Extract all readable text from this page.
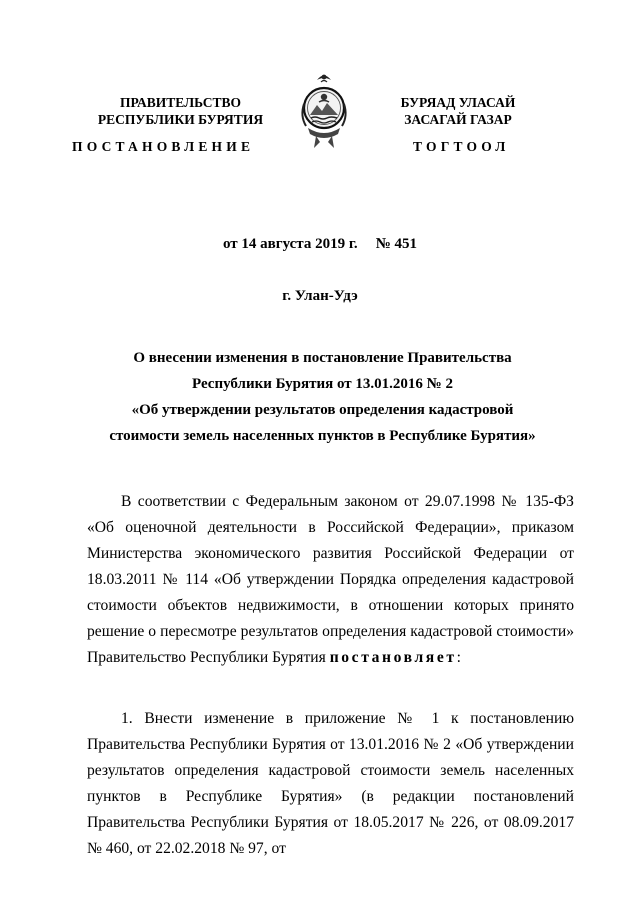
ПРАВИТЕЛЬСТВО
РЕСПУБЛИКИ БУРЯТИЯ
ПОСТАНОВЛЕНИЕ
БУРЯАД УЛАСАЙ
ЗАСАГАЙ ГАЗАР
ТОГТООЛ
от 14 августа 2019 г. № 451
г. Улан-Удэ
О внесении изменения в постановление Правительства
Республики Бурятия от 13.01.2016 № 2
«Об утверждении результатов определения кадастровой
стоимости земель населенных пунктов в Республике Бурятия»
В соответствии с Федеральным законом от 29.07.1998 № 135-ФЗ «Об оценочной деятельности в Российской Федерации», приказом Министерства экономического развития Российской Федерации от 18.03.2011 № 114 «Об утверждении Порядка определения кадастровой стоимости объектов недвижимости, в отношении которых принято решение о пересмотре результатов определения кадастровой стоимости» Правительство Республики Бурятия постановляет:
1. Внести изменение в приложение № 1 к постановлению Правительства Республики Бурятия от 13.01.2016 № 2 «Об утверждении результатов определения кадастровой стоимости земель населенных пунктов в Республике Бурятия» (в редакции постановлений Правительства Республики Бурятия от 18.05.2017 № 226, от 08.09.2017 № 460, от 22.02.2018 № 97, от
